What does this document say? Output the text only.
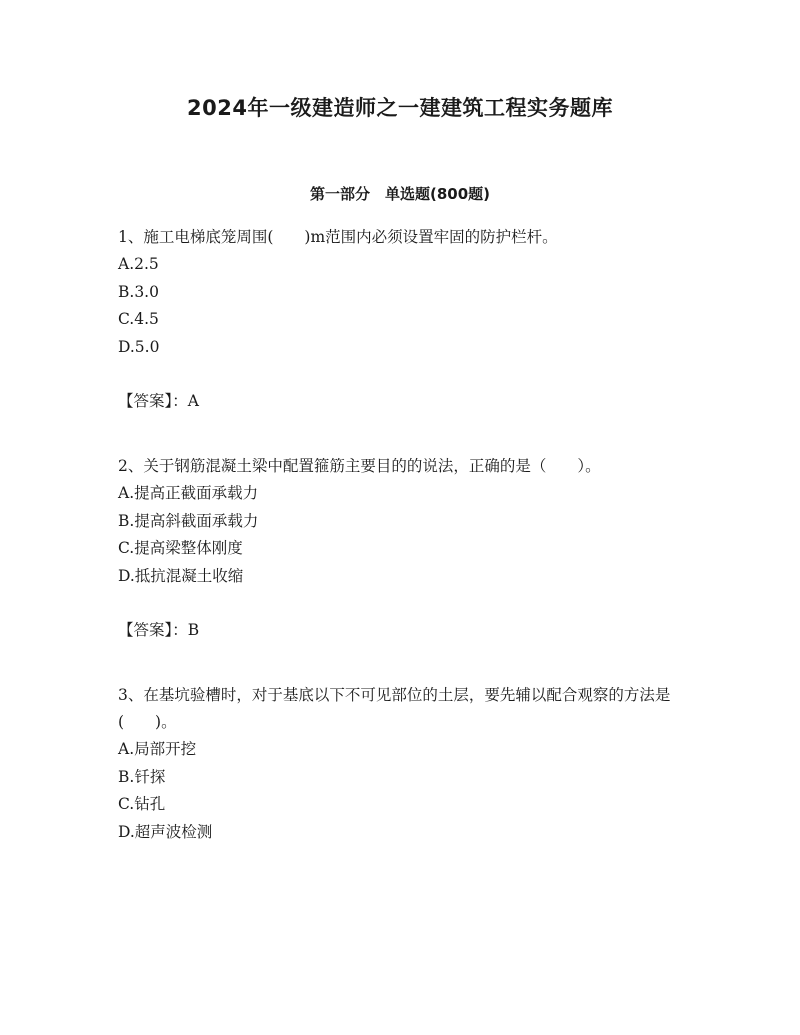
2024年一级建造师之一建建筑工程实务题库
第一部分　单选题(800题)

1、施工电梯底笼周围(　　)m范围内必须设置牢固的防护栏杆。

A.2.5
B.3.0
C.4.5
D.5.0

【答案】：A

2、关于钢筋混凝土梁中配置箍筋主要目的的说法，正确的是（　　）。

A.提高正截面承载力
B.提高斜截面承载力
C.提高梁整体刚度
D.抵抗混凝土收缩

【答案】：B

3、在基坑验槽时，对于基底以下不可见部位的土层，要先辅以配合观察的方法是(　　)。

A.局部开挖
B.钎探
C.钻孔
D.超声波检测
